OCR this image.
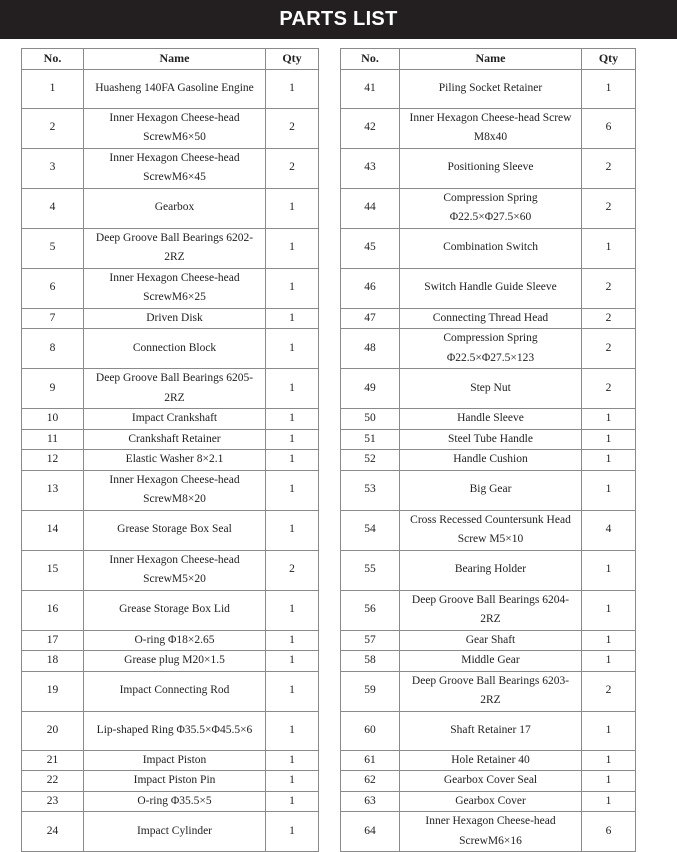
PARTS LIST
No.	Name	Qty		No.	Name	Qty
1	Huasheng 140FA Gasoline Engine	1		41	Piling Socket Retainer	1
2	Inner Hexagon Cheese-head ScrewM6×50	2		42	Inner Hexagon Cheese-head Screw M8x40	6
3	Inner Hexagon Cheese-head ScrewM6×45	2		43	Positioning Sleeve	2
4	Gearbox	1		44	Compression Spring Φ22.5×Φ27.5×60	2
5	Deep Groove Ball Bearings 6202-2RZ	1		45	Combination Switch	1
6	Inner Hexagon Cheese-head ScrewM6×25	1		46	Switch Handle Guide Sleeve	2
7	Driven Disk	1		47	Connecting Thread Head	2
8	Connection Block	1		48	Compression Spring Φ22.5×Φ27.5×123	2
9	Deep Groove Ball Bearings 6205-2RZ	1		49	Step Nut	2
10	Impact Crankshaft	1		50	Handle Sleeve	1
11	Crankshaft Retainer	1		51	Steel Tube Handle	1
12	Elastic Washer 8×2.1	1		52	Handle Cushion	1
13	Inner Hexagon Cheese-head ScrewM8×20	1		53	Big Gear	1
14	Grease Storage Box Seal	1		54	Cross Recessed Countersunk Head Screw M5×10	4
15	Inner Hexagon Cheese-head ScrewM5×20	2		55	Bearing Holder	1
16	Grease Storage Box Lid	1		56	Deep Groove Ball Bearings 6204-2RZ	1
17	O-ring Φ18×2.65	1		57	Gear Shaft	1
18	Grease plug M20×1.5	1		58	Middle Gear	1
19	Impact Connecting Rod	1		59	Deep Groove Ball Bearings 6203-2RZ	2
20	Lip-shaped Ring Φ35.5×Φ45.5×6	1		60	Shaft Retainer 17	1
21	Impact Piston	1		61	Hole Retainer 40	1
22	Impact Piston Pin	1		62	Gearbox Cover Seal	1
23	O-ring Φ35.5×5	1		63	Gearbox Cover	1
24	Impact Cylinder	1		64	Inner Hexagon Cheese-head ScrewM6×16	6
